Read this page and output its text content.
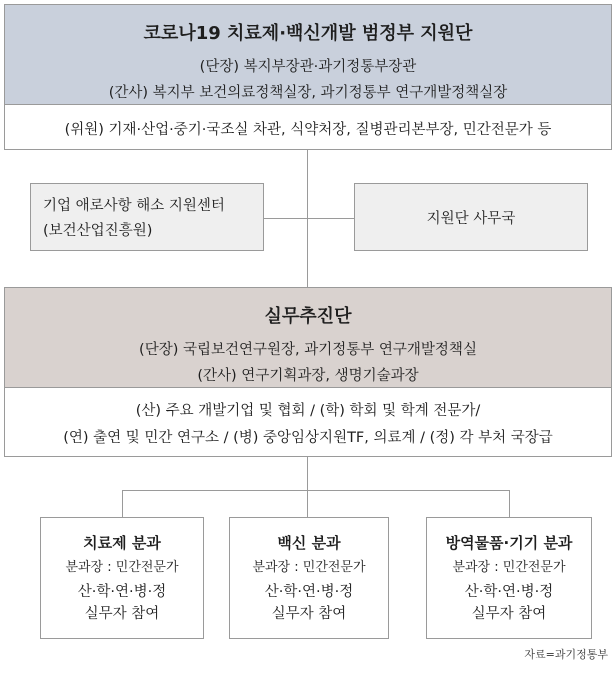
코로나19 치료제·백신개발 범정부 지원단
(단장) 복지부장관·과기정통부장관
(간사) 복지부 보건의료정책실장, 과기정통부 연구개발정책실장
(위원) 기재·산업·중기·국조실 차관, 식약처장, 질병관리본부장, 민간전문가 등
기업 애로사항 해소 지원센터
(보건산업진흥원)
지원단 사무국
실무추진단
(단장) 국립보건연구원장, 과기정통부 연구개발정책실
(간사) 연구기획과장, 생명기술과장
(산) 주요 개발기업 및 협회 / (학) 학회 및 학계 전문가/
(연) 출연 및 민간 연구소 / (병) 중앙임상지원TF, 의료계 / (정) 각 부처 국장급
치료제 분과
분과장 : 민간전문가
산·학·연·병·정
실무자 참여
백신 분과
분과장 : 민간전문가
산·학·연·병·정
실무자 참여
방역물품·기기 분과
분과장 : 민간전문가
산·학·연·병·정
실무자 참여
자료=과기정통부
